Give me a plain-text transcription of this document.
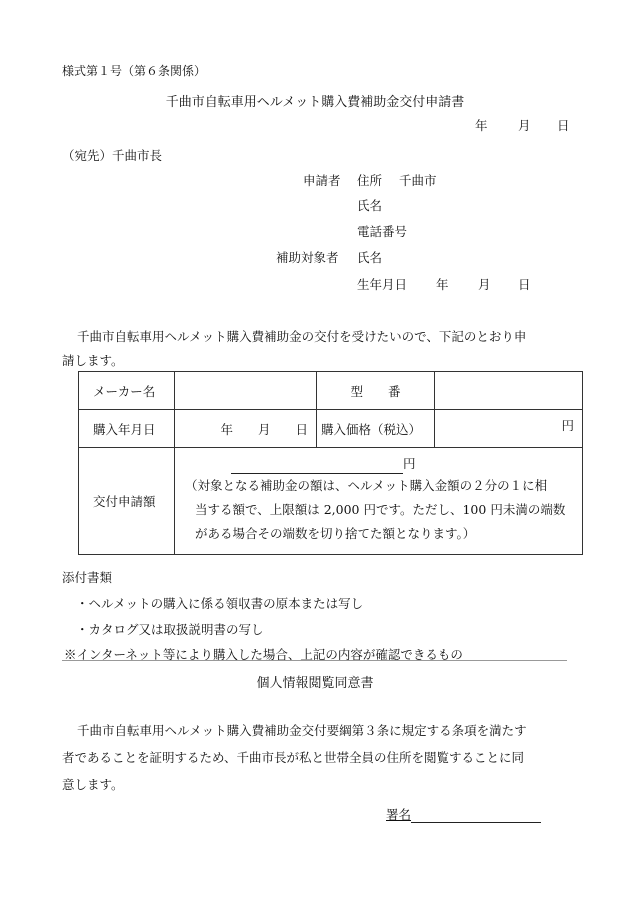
様式第１号（第６条関係）
千曲市自転車用ヘルメット購入費補助金交付申請書
年 月 日
（宛先）千曲市長
申請者 住所 千曲市
氏名
電話番号
補助対象者 氏名
生年月日 年 月 日
千曲市自転車用ヘルメット購入費補助金の交付を受けたいので、下記のとおり申
請します。
メーカー名		型　　番	
購入年月日	年　　月　　日	購入価格（税込）	円
交付申請額	円
（対象となる補助金の額は、ヘルメット購入金額の２分の１に相
当する額で、上限額は 2,000 円です。ただし、100 円未満の端数
がある場合その端数を切り捨てた額となります。）		
添付書類
・ヘルメットの購入に係る領収書の原本または写し
・カタログ又は取扱説明書の写し
※インターネット等により購入した場合、上記の内容が確認できるもの
個人情報閲覧同意書
千曲市自転車用ヘルメット購入費補助金交付要綱第３条に規定する条項を満たす
者であることを証明するため、千曲市長が私と世帯全員の住所を閲覧することに同
意します。
署名
